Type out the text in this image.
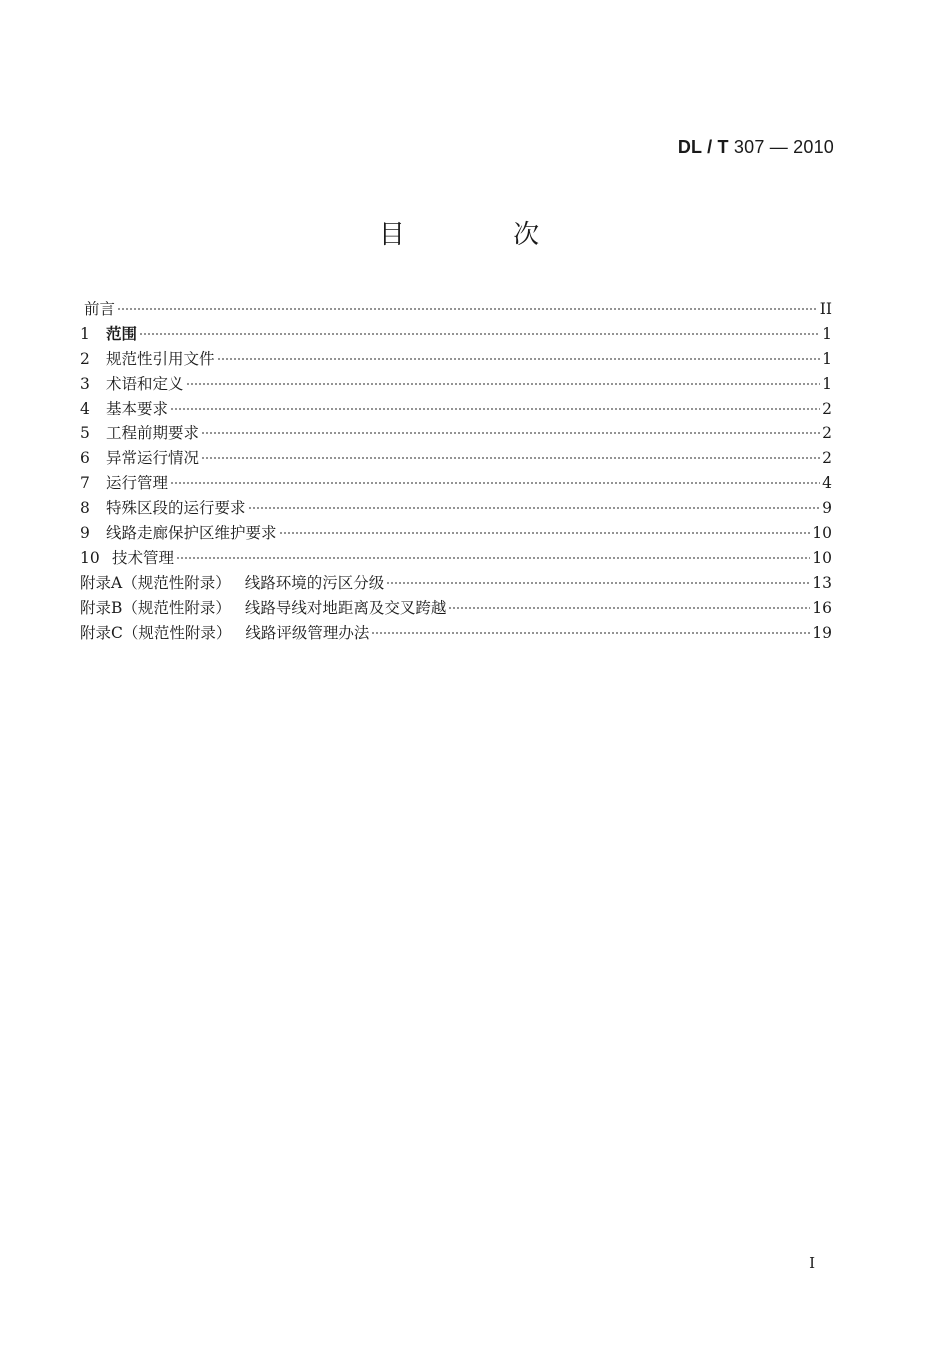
DL / T 307 — 2010
目 次
前言	II
1	范围	1
2	规范性引用文件	1
3	术语和定义	1
4	基本要求	2
5	工程前期要求	2
6	异常运行情况	2
7	运行管理	4
8	特殊区段的运行要求	9
9	线路走廊保护区维护要求	10
10 技术管理	10
附录A（规范性附录） 线路环境的污区分级	13
附录B（规范性附录） 线路导线对地距离及交叉跨越	16
附录C（规范性附录） 线路评级管理办法	19
I
